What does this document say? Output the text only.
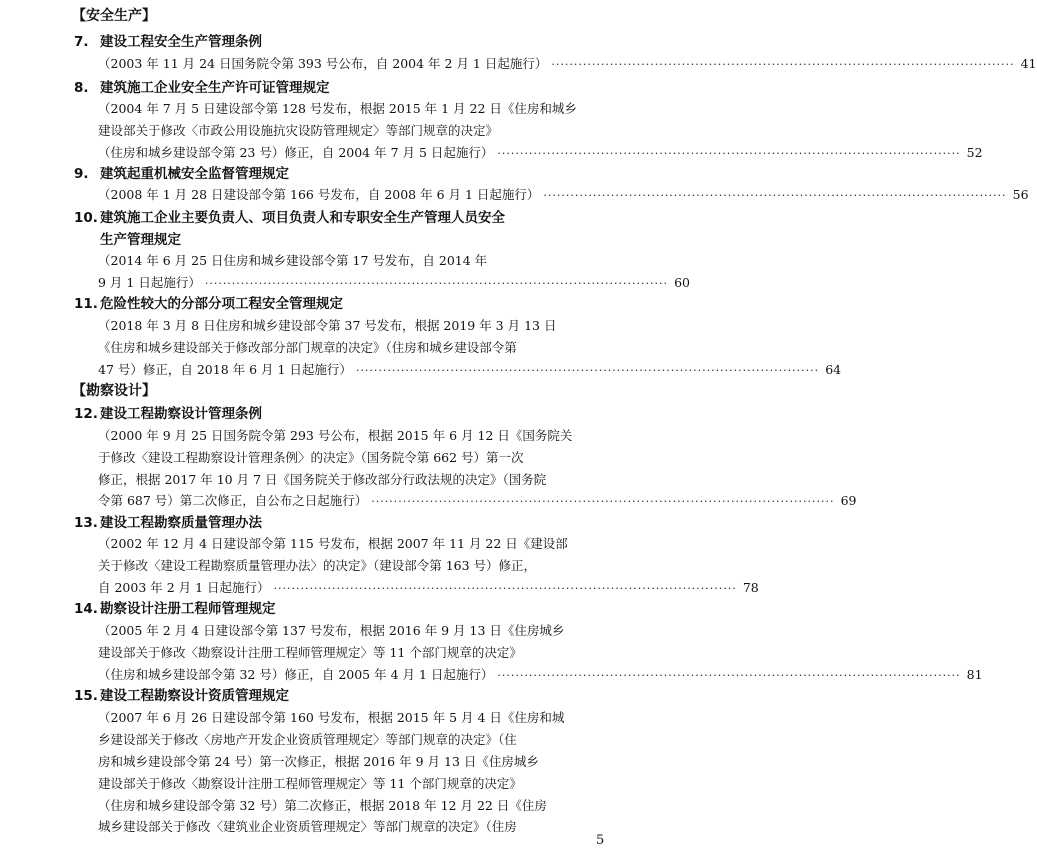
【安全生产】
7. 建设工程安全生产管理条例
（2003 年 11 月 24 日国务院令第 393 号公布，自 2004 年 2 月 1 日起施行） ······································································································· 41
8. 建筑施工企业安全生产许可证管理规定
（2004 年 7 月 5 日建设部令第 128 号发布，根据 2015 年 1 月 22 日《住房和城乡
建设部关于修改〈市政公用设施抗灾设防管理规定〉等部门规章的决定》
（住房和城乡建设部令第 23 号）修正，自 2004 年 7 月 5 日起施行） ······································································································· 52
9. 建筑起重机械安全监督管理规定
（2008 年 1 月 28 日建设部令第 166 号发布，自 2008 年 6 月 1 日起施行） ······································································································· 56
10. 建筑施工企业主要负责人、项目负责人和专职安全生产管理人员安全
生产管理规定
（2014 年 6 月 25 日住房和城乡建设部令第 17 号发布，自 2014 年
9 月 1 日起施行） ······································································································· 60
11. 危险性较大的分部分项工程安全管理规定
（2018 年 3 月 8 日住房和城乡建设部令第 37 号发布，根据 2019 年 3 月 13 日
《住房和城乡建设部关于修改部分部门规章的决定》（住房和城乡建设部令第
47 号）修正，自 2018 年 6 月 1 日起施行） ······································································································· 64
【勘察设计】
12. 建设工程勘察设计管理条例
（2000 年 9 月 25 日国务院令第 293 号公布，根据 2015 年 6 月 12 日《国务院关
于修改〈建设工程勘察设计管理条例〉的决定》（国务院令第 662 号）第一次
修正，根据 2017 年 10 月 7 日《国务院关于修改部分行政法规的决定》（国务院
令第 687 号）第二次修正，自公布之日起施行） ······································································································· 69
13. 建设工程勘察质量管理办法
（2002 年 12 月 4 日建设部令第 115 号发布，根据 2007 年 11 月 22 日《建设部
关于修改〈建设工程勘察质量管理办法〉的决定》（建设部令第 163 号）修正，
自 2003 年 2 月 1 日起施行） ······································································································· 78
14. 勘察设计注册工程师管理规定
（2005 年 2 月 4 日建设部令第 137 号发布，根据 2016 年 9 月 13 日《住房城乡
建设部关于修改〈勘察设计注册工程师管理规定〉等 11 个部门规章的决定》
（住房和城乡建设部令第 32 号）修正，自 2005 年 4 月 1 日起施行） ······································································································· 81
15. 建设工程勘察设计资质管理规定
（2007 年 6 月 26 日建设部令第 160 号发布，根据 2015 年 5 月 4 日《住房和城
乡建设部关于修改〈房地产开发企业资质管理规定〉等部门规章的决定》（住
房和城乡建设部令第 24 号）第一次修正，根据 2016 年 9 月 13 日《住房城乡
建设部关于修改〈勘察设计注册工程师管理规定〉等 11 个部门规章的决定》
（住房和城乡建设部令第 32 号）第二次修正，根据 2018 年 12 月 22 日《住房
城乡建设部关于修改〈建筑业企业资质管理规定〉等部门规章的决定》（住房
5
